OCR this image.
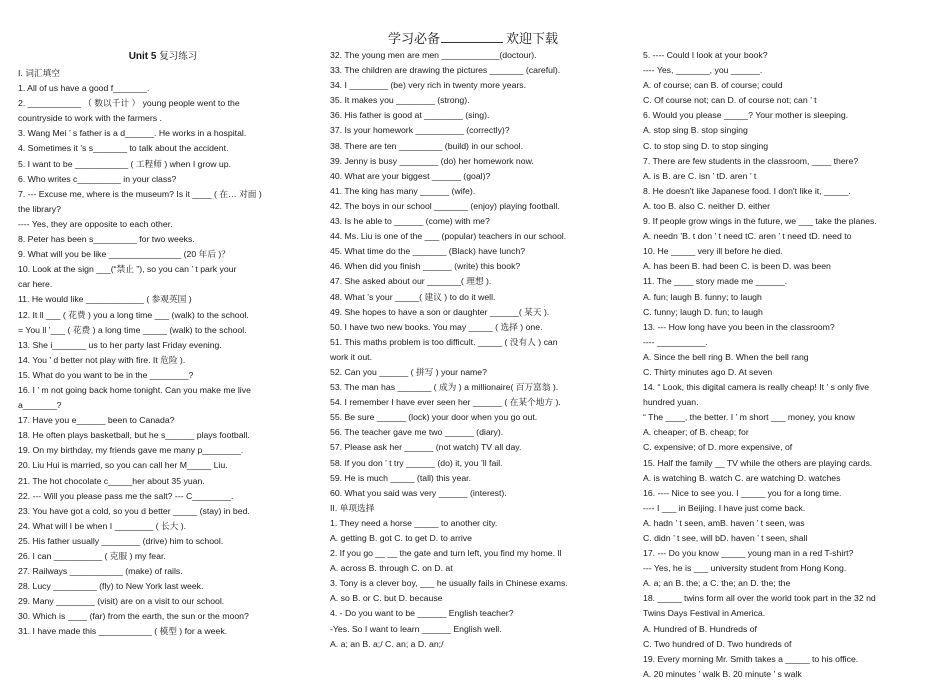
学习必备	欢迎下载
Unit 5 复习练习
I. 词汇填空
1. All of us have a good f_______.
2. ___________ （ 数以千计 ） young people went to the
countryside to work with the farmers .
3. Wang Mei ’ s father is a d______. He works in a hospital.
4. Sometimes it ’s s_______ to talk about the accident.
5. I want to be ___________ ( 工程师 ) when I grow up.
6. Who writes c_________ in your class?
7. --- Excuse me, where is the museum? Is it ____ ( 在… 对面 )
the library?
---- Yes, they are opposite to each other.
8. Peter has been s_________ for two weeks.
9. What will you be like _______________ (20 年后 )？
10. Look at the sign ___(“禁止 ”), so you can ’ t park your
car here.
11. He would like ____________ ( 参观英国 )
12. It ll ___ ( 花费 ) you a long time ___ (walk) to the school.
= You ll ’___ ( 花费 ) a long time _____ (walk) to the school.
13. She i_______ us to her party last Friday evening.
14. You ’ d better not play with fire. It 危险 ).
15. What do you want to be in the ________?
16. I ’ m not going back home tonight. Can you make me live
a_______?
17. Have you e______ been to Canada?
18. He often plays basketball, but he s______ plays football.
19. On my birthday, my friends gave me many p________.
20. Liu Hui is married, so you can call her M_____ Liu.
21. The hot chocolate c_____her about 35 yuan.
22. --- Will you please pass me the salt? --- C________.
23. You have got a cold, so you d better _____ (stay) in bed.
24. What will I be when I ________ ( 长大 ).
25. His father usually ________ (drive) him to school.
26. I can __________ ( 克服 ) my fear.
27. Railways ___________ (make) of rails.
28. Lucy _________ (fly) to New York last week.
29. Many ________ (visit) are on a visit to our school.
30. Which is ____ (far) from the earth, the sun or the moon?
31. I have made this ___________ ( 模型 ) for a week.
32. The young men are men ____________(doctour).
33. The children are drawing the pictures _______ (careful).
34. I ________ (be) very rich in twenty more years.
35. It makes you ________ (strong).
36. His father is good at ________ (sing).
37. Is your homework __________ (correctly)?
38. There are ten _________ (build) in our school.
39. Jenny is busy ________ (do) her homework now.
40. What are your biggest ______ (goal)?
41. The king has many ______ (wife).
42. The boys in our school _______ (enjoy) playing football.
43. Is he able to ______ (come) with me?
44. Ms. Liu is one of the ___ (popular) teachers in our school.
45. What time do the _______ (Black) have lunch?
46. When did you finish ______ (write) this book?
47. She asked about our _______( 理想 ).
48. What ’s your _____( 建议 ) to do it well.
49. She hopes to have a son or daughter ______( 某天 ).
50. I have two new books. You may _____ ( 选择 ) one.
51. This maths problem is too difficult. _____ ( 没有人 ) can
work it out.
52. Can you ______ ( 拼写 ) your name?
53. The man has _______ ( 成为 ) a millionaire( 百万富翁 ).
54. I remember I have ever seen her ______ ( 在某个地方 ).
55. Be sure ______ (lock) your door when you go out.
56. The teacher gave me two ______ (diary).
57. Please ask her ______ (not watch) TV all day.
58. If you don ’ t try ______ (do) it, you ’ll fail.
59. He is much _____ (tall) this year.
60. What you said was very ______ (interest).
II. 单项选择
1. They need a horse _____ to another city.
A. getting B. got C. to get D. to arrive
2. If you go __ __ the gate and turn left, you find my home. ll
A. across B. through C. on D. at
3. Tony is a clever boy, ___ he usually fails in Chinese exams.
A. so B. or C. but D. because
4. - Do you want to be ______ English teacher?
-Yes. So I want to learn ______ English well.
A. a; an B. a;/ C. an; a D. an;/
5. ---- Could I look at your book?
---- Yes, _______, you ______.
A. of course; can B. of course; could
C. Of course not; can D. of course not; can ’ t
6. Would you please _____? Your mother is sleeping.
A. stop sing B. stop singing
C. to stop sing D. to stop singing
7. There are few students in the classroom, ____ there?
A. is B. are C. isn ’ tD. aren ’ t
8. He doesn't like Japanese food. I don't like it, _____.
A. too B. also C. neither D. either
9. If people grow wings in the future, we ___ take the planes.
A. needn ’B. t don ’ t need tC. aren ’ t need tD. need to
10. He _____ very ill before he died.
A. has been B. had been C. is been D. was been
11. The ____ story made me ______.
A. fun; laugh B. funny; to laugh
C. funny; laugh D. fun; to laugh
13. --- How long have you been in the classroom?
---- __________.
A. Since the bell ring B. When the bell rang
C. Thirty minutes ago D. At seven
14. “ Look, this digital camera is really cheap! It ’ s only five
hundred yuan.
“ The ____, the better. I ’ m short ___ money, you know
A. cheaper; of B. cheap; for
C. expensive; of D. more expensive, of
15. Half the family __ TV while the others are playing cards.
A. is watching B. watch C. are watching D. watches
16. ---- Nice to see you. I _____ you for a long time.
---- I ___ in Beijing. I have just come back.
A. hadn ’ t seen, amB. haven ’ t seen, was
C. didn ’ t see, will bD. haven ’ t seen, shall
17. --- Do you know _____ young man in a red T-shirt?
--- Yes, he is ___ university student from Hong Kong.
A. a; an B. the; a C. the; an D. the; the
18. _____ twins form all over the world took part in the 32 nd
Twins Days Festival in America.
A. Hundred of B. Hundreds of
C. Two hundred of D. Two hundreds of
19. Every morning Mr. Smith takes a _____ to his office.
A. 20 minutes ’ walk B. 20 minute ’ s walk
